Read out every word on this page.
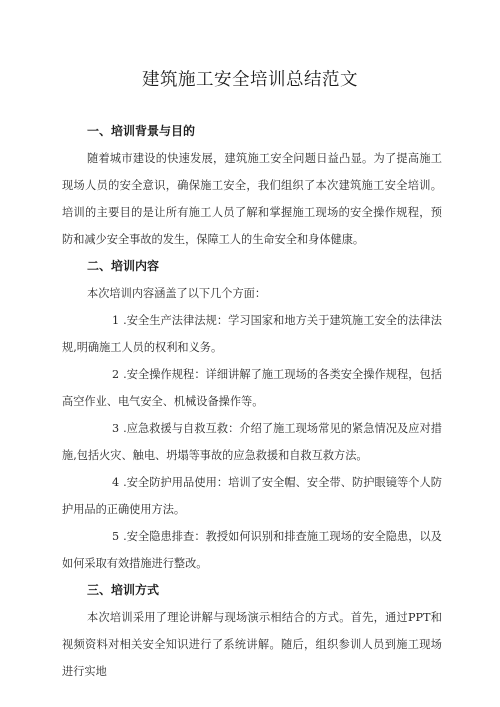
建筑施工安全培训总结范文
一、培训背景与目的

随着城市建设的快速发展，建筑施工安全问题日益凸显。为了提高施工现场人员的安全意识，确保施工安全，我们组织了本次建筑施工安全培训。培训的主要目的是让所有施工人员了解和掌握施工现场的安全操作规程，预防和减少安全事故的发生，保障工人的生命安全和身体健康。

二、培训内容

本次培训内容涵盖了以下几个方面：

1 .安全生产法律法规：学习国家和地方关于建筑施工安全的法律法规,明确施工人员的权利和义务。

2 .安全操作规程：详细讲解了施工现场的各类安全操作规程，包括高空作业、电气安全、机械设备操作等。

3 .应急救援与自救互救：介绍了施工现场常见的紧急情况及应对措施,包括火灾、触电、坍塌等事故的应急救援和自救互救方法。

4 .安全防护用品使用：培训了安全帽、安全带、防护眼镜等个人防护用品的正确使用方法。

5 .安全隐患排查：教授如何识别和排查施工现场的安全隐患，以及如何采取有效措施进行整改。

三、培训方式

本次培训采用了理论讲解与现场演示相结合的方式。首先，通过PPT和视频资料对相关安全知识进行了系统讲解。随后，组织参训人员到施工现场进行实地
